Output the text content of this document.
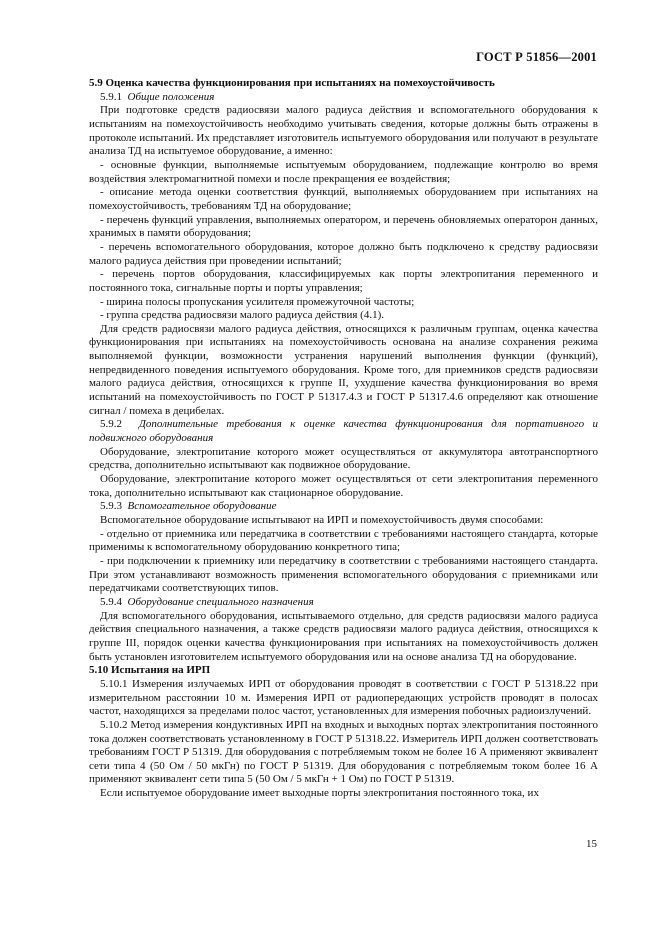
ГОСТ Р 51856—2001

5.9 Оценка качества функционирования при испытаниях на помехоустойчивость

5.9.1 Общие положения

При подготовке средств радиосвязи малого радиуса действия и вспомогательного оборудования к испытаниям на помехоустойчивость необходимо учитывать сведения, которые должны быть отражены в протоколе испытаний. Их представляет изготовитель испытуемого оборудования или получают в результате анализа ТД на испытуемое оборудование, а именно:

- основные функции, выполняемые испытуемым оборудованием, подлежащие контролю во время воздействия электромагнитной помехи и после прекращения ее воздействия;

- описание метода оценки соответствия функций, выполняемых оборудованием при испытаниях на помехоустойчивость, требованиям ТД на оборудование;

- перечень функций управления, выполняемых оператором, и перечень обновляемых операторон данных, хранимых в памяти оборудования;

- перечень вспомогательного оборудования, которое должно быть подключено к средству радиосвязи малого радиуса действия при проведении испытаний;

- перечень портов оборудования, классифицируемых как порты электропитания переменного и постоянного тока, сигнальные порты и порты управления;

- ширина полосы пропускания усилителя промежуточной частоты;

- группа средства радиосвязи малого радиуса действия (4.1).

Для средств радиосвязи малого радиуса действия, относящихся к различным группам, оценка качества функционирования при испытаниях на помехоустойчивость основана на анализе сохранения режима выполняемой функции, возможности устранения нарушений выполнения функции (функций), непредвиденного поведения испытуемого оборудования. Кроме того, для приемников средств радиосвязи малого радиуса действия, относящихся к группе II, ухудшение качества функционирования во время испытаний на помехоустойчивость по ГОСТ Р 51317.4.3 и ГОСТ Р 51317.4.6 определяют как отношение сигнал / помеха в децибелах.

5.9.2 Дополнительные требования к оценке качества функционирования для портативного и подвижного оборудования

Оборудование, электропитание которого может осуществляться от аккумулятора автотранспортного средства, дополнительно испытывают как подвижное оборудование.

Оборудование, электропитание которого может осуществляться от сети электропитания переменного тока, дополнительно испытывают как стационарное оборудование.

5.9.3 Вспомогательное оборудование

Вспомогательное оборудование испытывают на ИРП и помехоустойчивость двумя способами:

- отдельно от приемника или передатчика в соответствии с требованиями настоящего стандарта, которые применимы к вспомогательному оборудованию конкретного типа;

- при подключении к приемнику или передатчику в соответствии с требованиями настоящего стандарта. При этом устанавливают возможность применения вспомогательного оборудования с приемниками или передатчиками соответствующих типов.

5.9.4 Оборудование специального назначения

Для вспомогательного оборудования, испытываемого отдельно, для средств радиосвязи малого радиуса действия специального назначения, а также средств радиосвязи малого радиуса действия, относящихся к группе III, порядок оценки качества функционирования при испытаниях на помехоустойчивость должен быть установлен изготовителем испытуемого оборудования или на основе анализа ТД на оборудование.

5.10 Испытания на ИРП

5.10.1 Измерения излучаемых ИРП от оборудования проводят в соответствии с ГОСТ Р 51318.22 при измерительном расстоянии 10 м. Измерения ИРП от радиопередающих устройств проводят в полосах частот, находящихся за пределами полос частот, установленных для измерения побочных радиоизлучений.

5.10.2 Метод измерения кондуктивных ИРП на входных и выходных портах электропитания постоянного тока должен соответствовать установленному в ГОСТ Р 51318.22. Измеритель ИРП должен соответствовать требованиям ГОСТ Р 51319. Для оборудования с потребляемым током не более 16 А применяют эквивалент сети типа 4 (50 Ом / 50 мкГн) по ГОСТ Р 51319. Для оборудования с потребляемым током более 16 А применяют эквивалент сети типа 5 (50 Ом / 5 мкГн + 1 Ом) по ГОСТ Р 51319.

Если испытуемое оборудование имеет выходные порты электропитания постоянного тока, их

15
